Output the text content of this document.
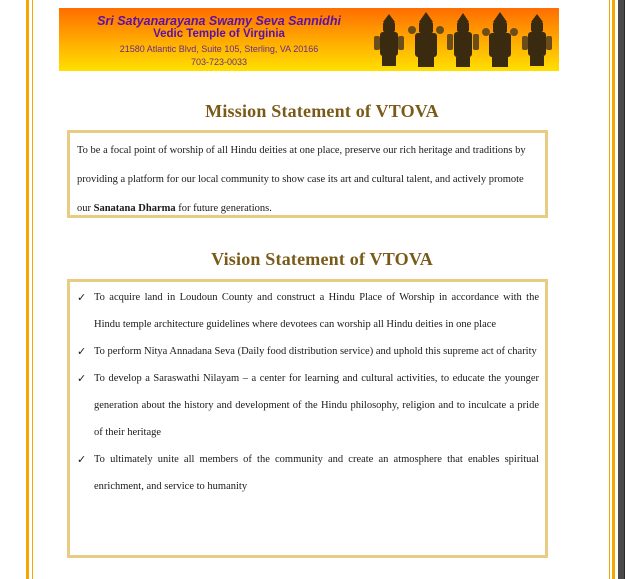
Sri Satyanarayana Swamy Seva Sannidhi
Vedic Temple of Virginia
21580 Atlantic Blvd, Suite 105, Sterling, VA 20166
703-723-0033
Mission Statement of VTOVA
To be a focal point of worship of all Hindu deities at one place, preserve our rich heritage and traditions by providing a platform for our local community to show case its art and cultural talent, and actively promote our Sanatana Dharma for future generations.
Vision Statement of VTOVA
✓ To acquire land in Loudoun County and construct a Hindu Place of Worship in accordance with the Hindu temple architecture guidelines where devotees can worship all Hindu deities in one place
✓ To perform Nitya Annadana Seva (Daily food distribution service) and uphold this supreme act of charity
✓ To develop a Saraswathi Nilayam – a center for learning and cultural activities, to educate the younger generation about the history and development of the Hindu philosophy, religion and to inculcate a pride of their heritage
✓ To ultimately unite all members of the community and create an atmosphere that enables spiritual enrichment, and service to humanity
